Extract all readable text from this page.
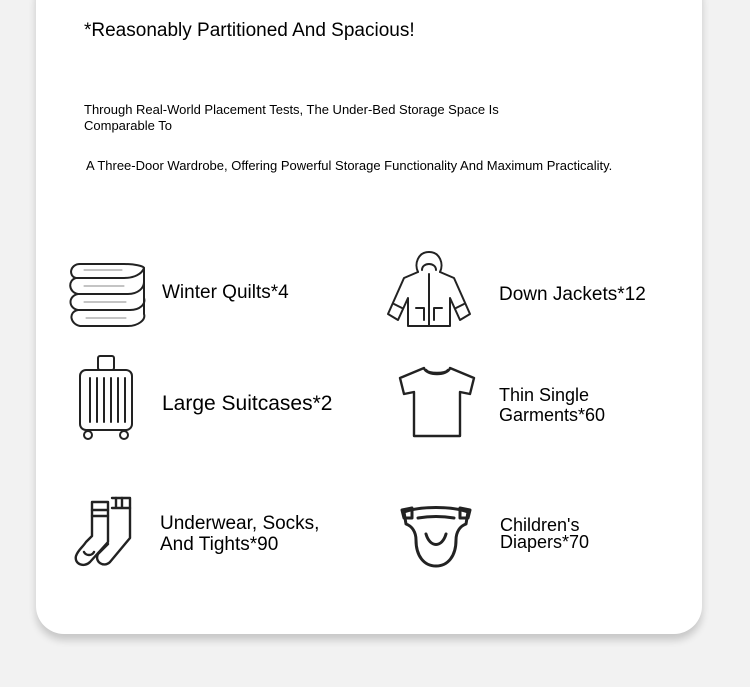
*Reasonably Partitioned And Spacious!

Through Real-World Placement Tests, The Under-Bed Storage Space Is Comparable To

A Three-Door Wardrobe, Offering Powerful Storage Functionality And Maximum Practicality.

Winter Quilts*4	Down Jackets*12

Large Suitcases*2	Thin Single Garments*60

Underwear, Socks, And Tights*90

Children's Diapers*70
